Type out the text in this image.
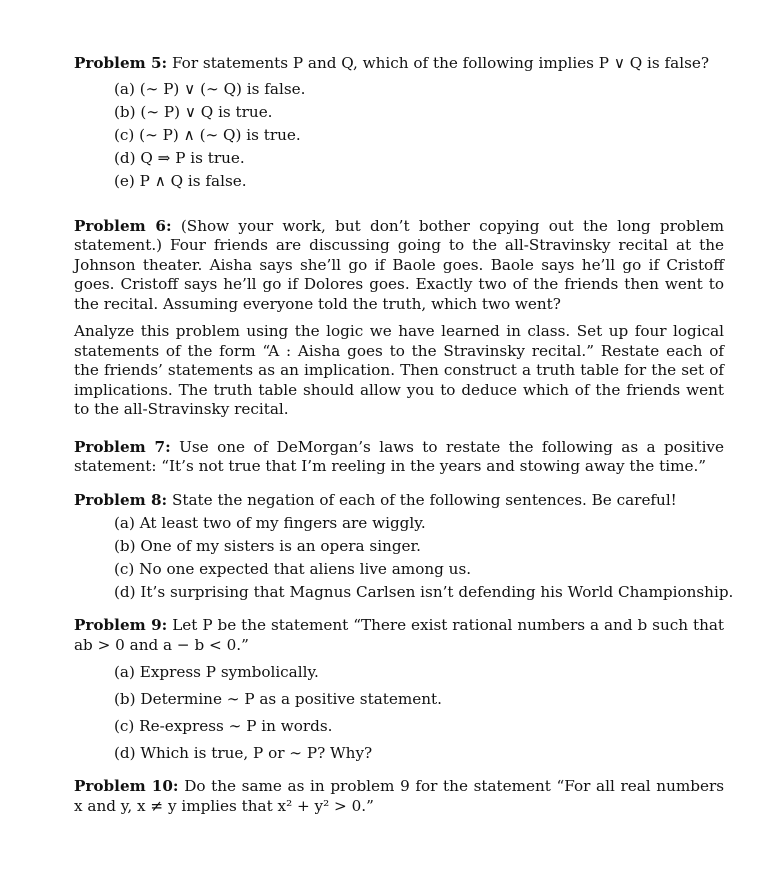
Problem 5: For statements P and Q, which of the following implies P ∨ Q is false?

(a) (∼ P) ∨ (∼ Q) is false.
(b) (∼ P) ∨ Q is true.
(c) (∼ P) ∧ (∼ Q) is true.
(d) Q ⇒ P is true.
(e) P ∧ Q is false.

Problem 6: (Show your work, but don’t bother copying out the long problem statement.) Four friends are discussing going to the all-Stravinsky recital at the Johnson theater. Aisha says she’ll go if Baole goes. Baole says he’ll go if Cristoff goes. Cristoff says he’ll go if Dolores goes. Exactly two of the friends then went to the recital. Assuming everyone told the truth, which two went?

Analyze this problem using the logic we have learned in class. Set up four logical statements of the form “A : Aisha goes to the Stravinsky recital.” Restate each of the friends’ statements as an implication. Then construct a truth table for the set of implications. The truth table should allow you to deduce which of the friends went to the all-Stravinsky recital.

Problem 7: Use one of DeMorgan’s laws to restate the following as a positive statement: “It’s not true that I’m reeling in the years and stowing away the time.”

Problem 8: State the negation of each of the following sentences. Be careful!

(a) At least two of my fingers are wiggly.
(b) One of my sisters is an opera singer.
(c) No one expected that aliens live among us.
(d) It’s surprising that Magnus Carlsen isn’t defending his World Championship.

Problem 9: Let P be the statement “There exist rational numbers a and b such that ab > 0 and a − b < 0.”

(a) Express P symbolically.
(b) Determine ∼ P as a positive statement.
(c) Re-express ∼ P in words.
(d) Which is true, P or ∼ P? Why?

Problem 10: Do the same as in problem 9 for the statement “For all real numbers x and y, x ≠ y implies that x² + y² > 0.”
